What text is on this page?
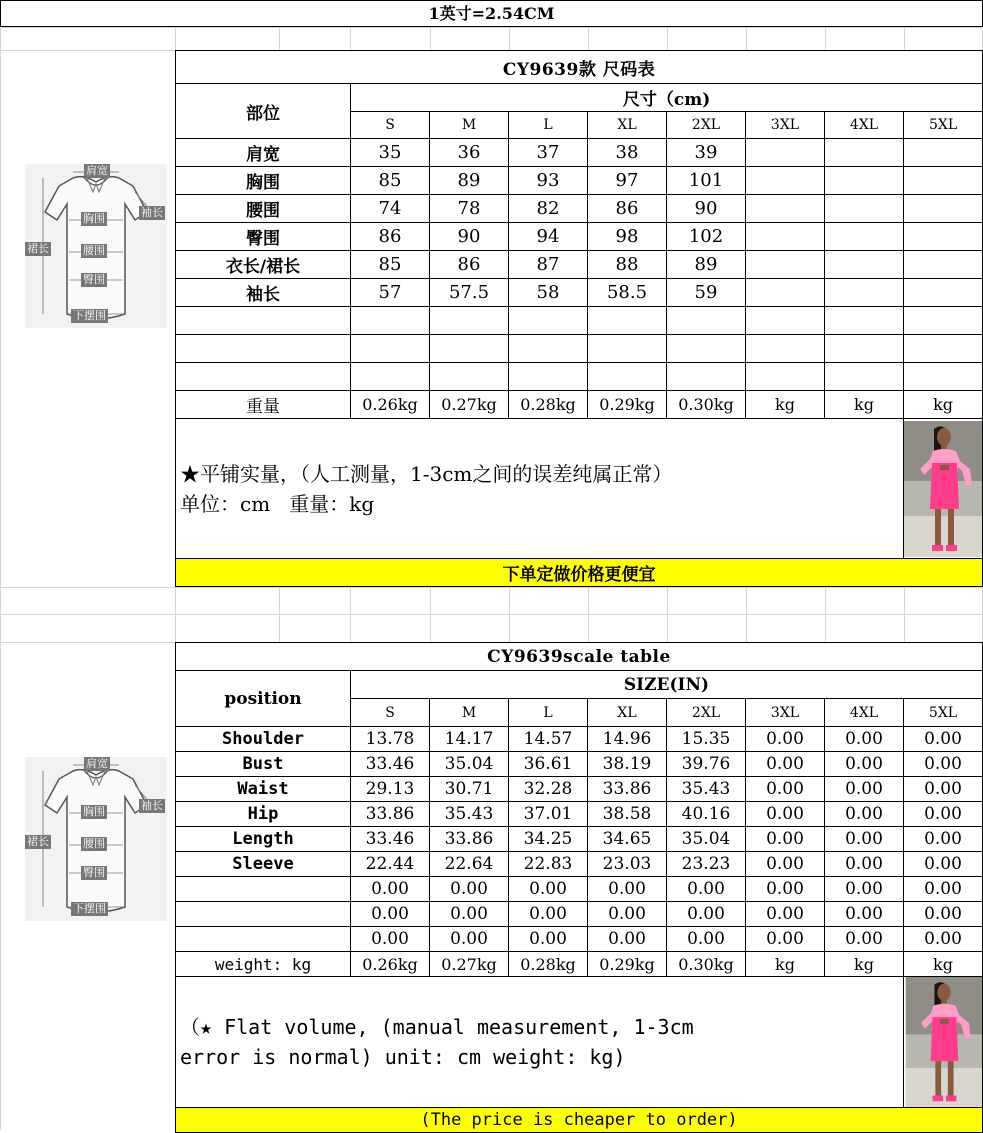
1英寸=2.54CM
肩宽
袖长
裙长
胸围
腰围
臀围
下摆围
CY9639款 尺码表								
部位	尺寸（cm)							
	S	M	L	XL	2XL	3XL	4XL	5XL
肩宽	35	36	37	38	39			
胸围	85	89	93	97	101			
腰围	74	78	82	86	90			
臀围	86	90	94	98	102			
衣长/裙长	85	86	87	88	89			
袖长	57	57.5	58	58.5	59			

重量	0.26kg	0.27kg	0.28kg	0.29kg	0.30kg	kg	kg	kg

★平铺实量，（人工测量，1-3cm之间的误差纯属正常）
单位：cm   重量：kg

下单定做价格更便宜								
肩宽
袖长
裙长
胸围
腰围
臀围
下摆围
CY9639scale table								
position	SIZE(IN)							
	S	M	L	XL	2XL	3XL	4XL	5XL
Shoulder	13.78	14.17	14.57	14.96	15.35	0.00	0.00	0.00
Bust	33.46	35.04	36.61	38.19	39.76	0.00	0.00	0.00
Waist	29.13	30.71	32.28	33.86	35.43	0.00	0.00	0.00
Hip	33.86	35.43	37.01	38.58	40.16	0.00	0.00	0.00
Length	33.46	33.86	34.25	34.65	35.04	0.00	0.00	0.00
Sleeve	22.44	22.64	22.83	23.03	23.23	0.00	0.00	0.00
	0.00	0.00	0.00	0.00	0.00	0.00	0.00	0.00
	0.00	0.00	0.00	0.00	0.00	0.00	0.00	0.00
	0.00	0.00	0.00	0.00	0.00	0.00	0.00	0.00
weight: kg	0.26kg	0.27kg	0.28kg	0.29kg	0.30kg	kg	kg	kg

（★ Flat volume, (manual measurement, 1-3cm
error is normal) unit: cm weight: kg)

(The price is cheaper to order)								
